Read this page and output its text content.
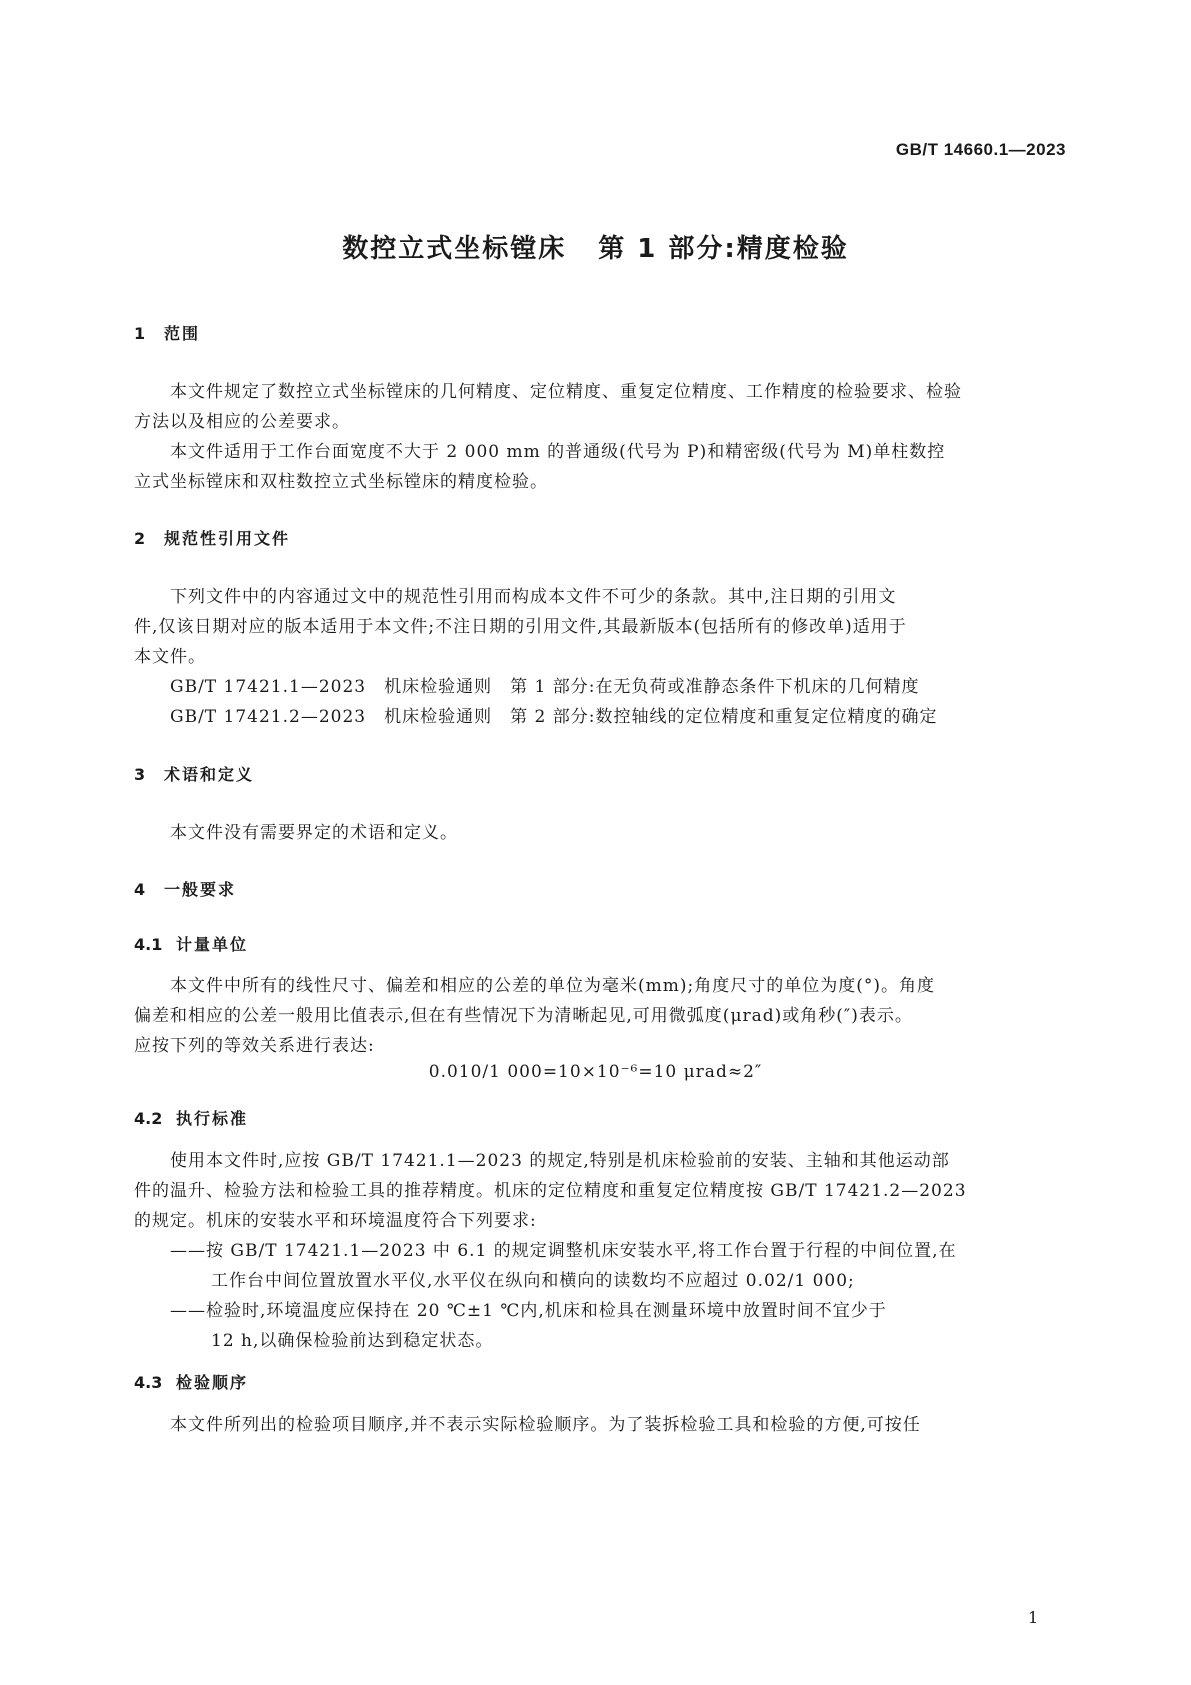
GB/T 14660.1—2023
数控立式坐标镗床 第 1 部分:精度检验
1 范围
本文件规定了数控立式坐标镗床的几何精度、定位精度、重复定位精度、工作精度的检验要求、检验
方法以及相应的公差要求。
本文件适用于工作台面宽度不大于 2 000 mm 的普通级(代号为 P)和精密级(代号为 M)单柱数控
立式坐标镗床和双柱数控立式坐标镗床的精度检验。
2 规范性引用文件
下列文件中的内容通过文中的规范性引用而构成本文件不可少的条款。其中,注日期的引用文
件,仅该日期对应的版本适用于本文件;不注日期的引用文件,其最新版本(包括所有的修改单)适用于
本文件。
GB/T 17421.1—2023　机床检验通则　第 1 部分:在无负荷或准静态条件下机床的几何精度
GB/T 17421.2—2023　机床检验通则　第 2 部分:数控轴线的定位精度和重复定位精度的确定
3 术语和定义
本文件没有需要界定的术语和定义。
4 一般要求
4.1 计量单位
本文件中所有的线性尺寸、偏差和相应的公差的单位为毫米(mm);角度尺寸的单位为度(°)。角度
偏差和相应的公差一般用比值表示,但在有些情况下为清晰起见,可用微弧度(μrad)或角秒(″)表示。
应按下列的等效关系进行表达:
0.010/1 000=10×10⁻⁶=10 μrad≈2″
4.2 执行标准
使用本文件时,应按 GB/T 17421.1—2023 的规定,特别是机床检验前的安装、主轴和其他运动部
件的温升、检验方法和检验工具的推荐精度。机床的定位精度和重复定位精度按 GB/T 17421.2—2023
的规定。机床的安装水平和环境温度符合下列要求:
——按 GB/T 17421.1—2023 中 6.1 的规定调整机床安装水平,将工作台置于行程的中间位置,在
工作台中间位置放置水平仪,水平仪在纵向和横向的读数均不应超过 0.02/1 000;
——检验时,环境温度应保持在 20 ℃±1 ℃内,机床和检具在测量环境中放置时间不宜少于
12 h,以确保检验前达到稳定状态。
4.3 检验顺序
本文件所列出的检验项目顺序,并不表示实际检验顺序。为了装拆检验工具和检验的方便,可按任
1
